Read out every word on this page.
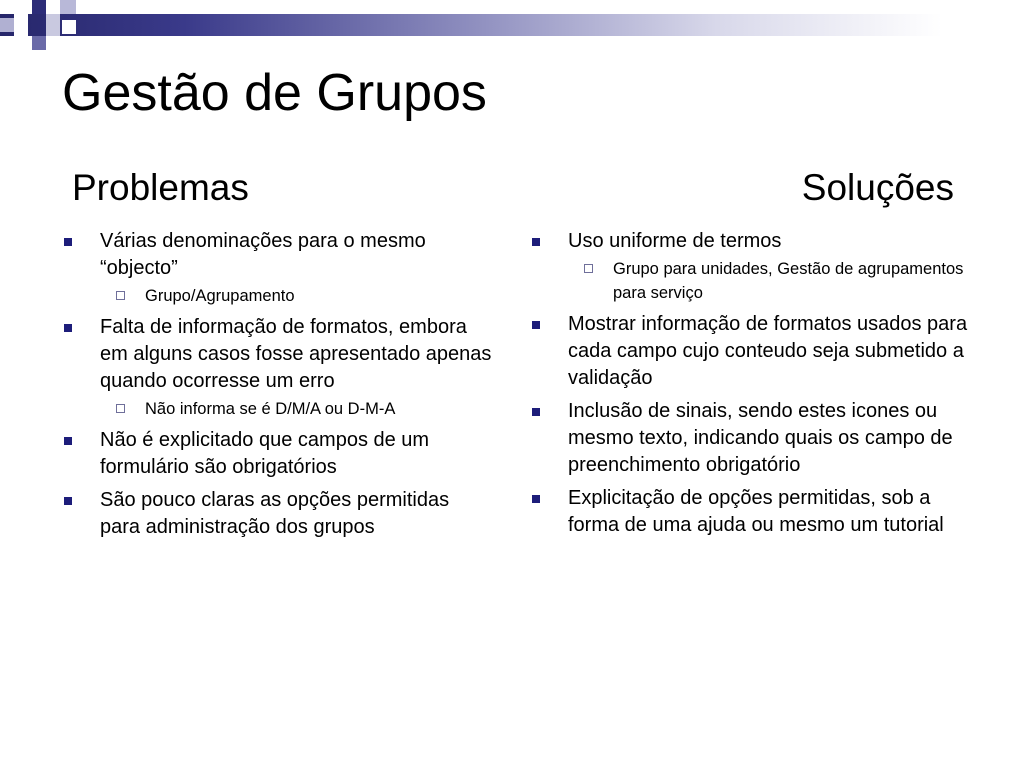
Gestão de Grupos
Problemas	Soluções
Várias denominações para o mesmo “objecto”
Grupo/Agrupamento
Falta de informação de formatos, embora em alguns casos fosse apresentado apenas quando ocorresse um erro
Não informa se é D/M/A ou D-M-A
Não é explicitado que campos de um formulário são obrigatórios
São pouco claras as opções permitidas para administração dos grupos
Uso uniforme de termos
Grupo para unidades, Gestão de agrupamentos para serviço
Mostrar informação de formatos usados para cada campo cujo conteudo seja submetido a validação
Inclusão de sinais, sendo estes icones ou mesmo texto, indicando quais os campo de preenchimento obrigatório
Explicitação de opções permitidas, sob a forma de uma ajuda ou mesmo um tutorial
